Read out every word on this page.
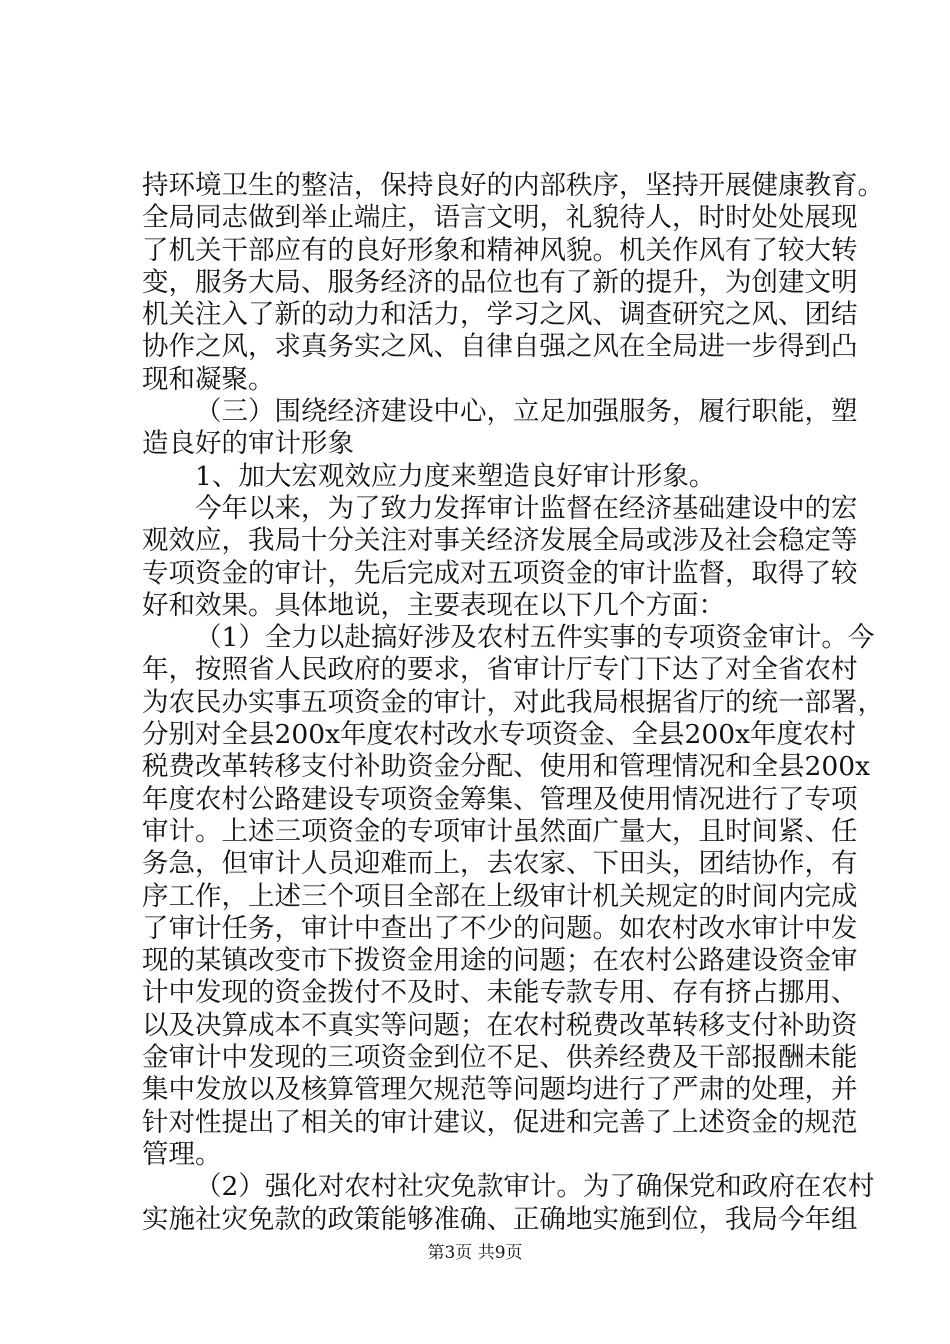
持环境卫生的整洁，保持良好的内部秩序，坚持开展健康教育。
全局同志做到举止端庄，语言文明，礼貌待人，时时处处展现
了机关干部应有的良好形象和精神风貌。机关作风有了较大转
变，服务大局、服务经济的品位也有了新的提升，为创建文明
机关注入了新的动力和活力，学习之风、调查研究之风、团结
协作之风，求真务实之风、自律自强之风在全局进一步得到凸
现和凝聚。
（三）围绕经济建设中心，立足加强服务，履行职能，塑
造良好的审计形象
1、加大宏观效应力度来塑造良好审计形象。
今年以来，为了致力发挥审计监督在经济基础建设中的宏
观效应，我局十分关注对事关经济发展全局或涉及社会稳定等
专项资金的审计，先后完成对五项资金的审计监督，取得了较
好和效果。具体地说，主要表现在以下几个方面：
（1）全力以赴搞好涉及农村五件实事的专项资金审计。今
年，按照省人民政府的要求，省审计厅专门下达了对全省农村
为农民办实事五项资金的审计，对此我局根据省厅的统一部署，
分别对全县200x年度农村改水专项资金、全县200x年度农村
税费改革转移支付补助资金分配、使用和管理情况和全县200x
年度农村公路建设专项资金筹集、管理及使用情况进行了专项
审计。上述三项资金的专项审计虽然面广量大，且时间紧、任
务急，但审计人员迎难而上，去农家、下田头，团结协作，有
序工作，上述三个项目全部在上级审计机关规定的时间内完成
了审计任务，审计中查出了不少的问题。如农村改水审计中发
现的某镇改变市下拨资金用途的问题；在农村公路建设资金审
计中发现的资金拨付不及时、未能专款专用、存有挤占挪用、
以及决算成本不真实等问题；在农村税费改革转移支付补助资
金审计中发现的三项资金到位不足、供养经费及干部报酬未能
集中发放以及核算管理欠规范等问题均进行了严肃的处理，并
针对性提出了相关的审计建议，促进和完善了上述资金的规范
管理。
（2）强化对农村社灾免款审计。为了确保党和政府在农村
实施社灾免款的政策能够准确、正确地实施到位，我局今年组
第3页 共9页
